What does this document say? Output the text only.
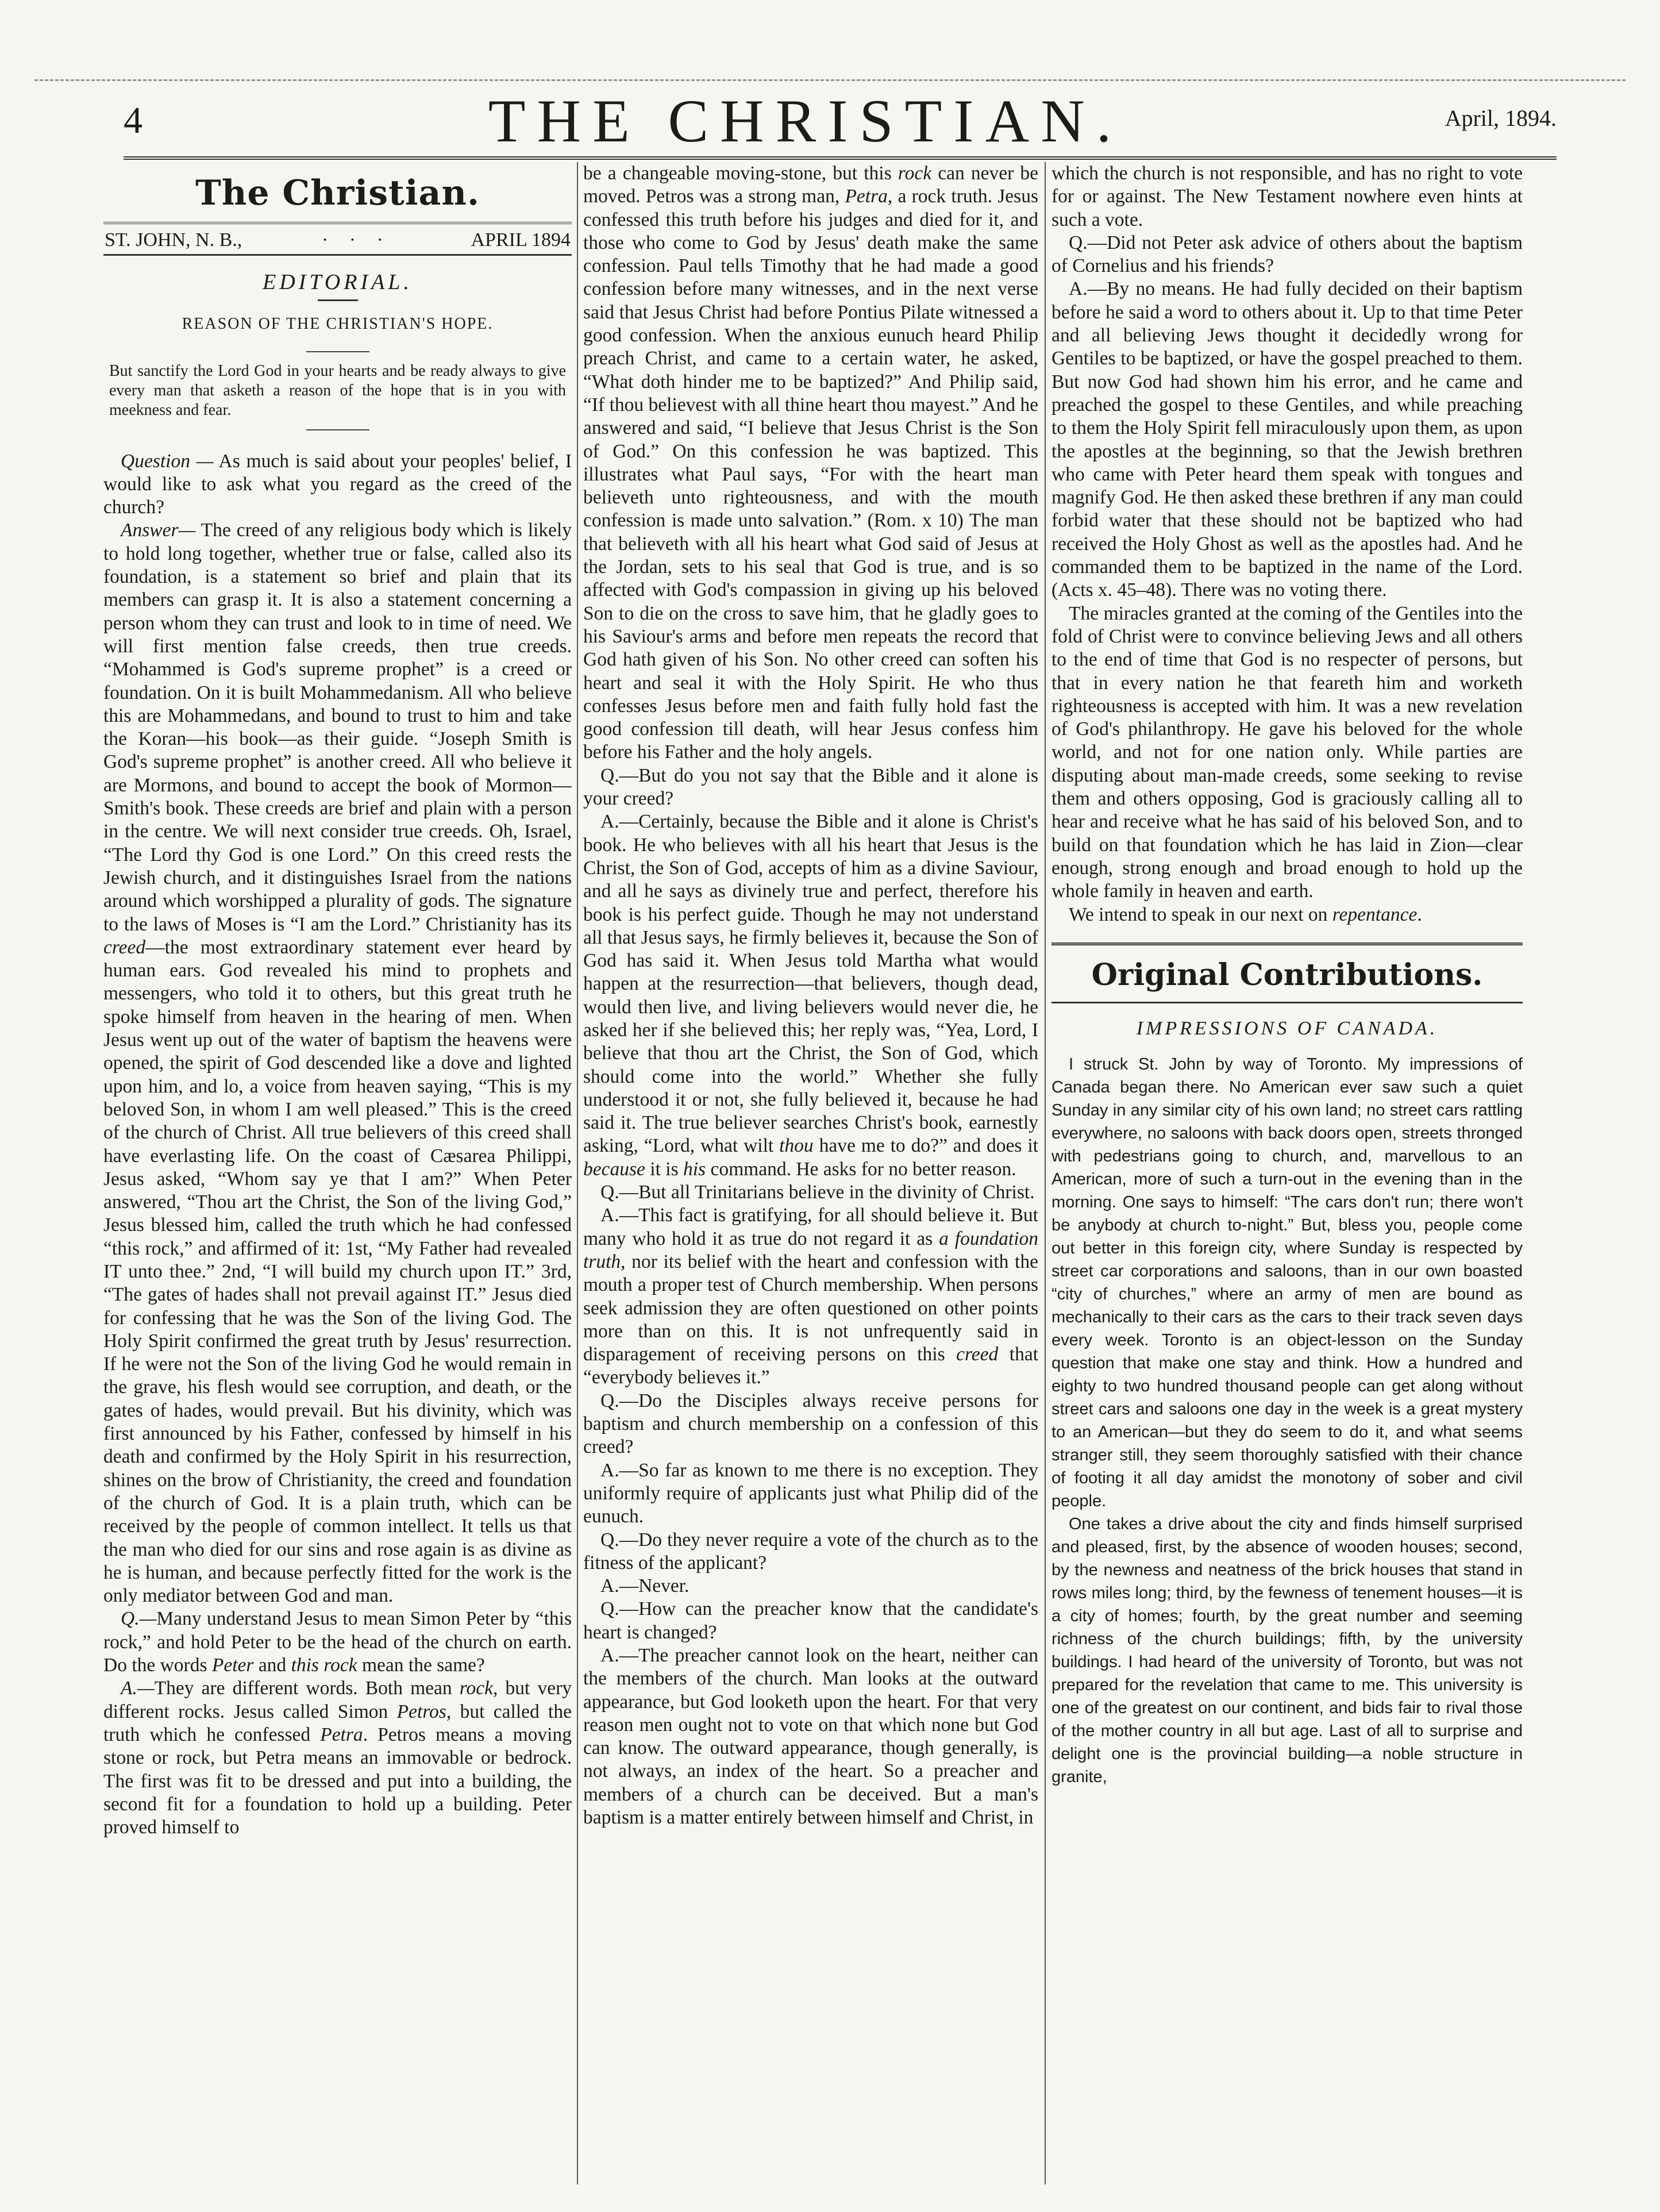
4	THE CHRISTIAN.	April, 1894.
The Christian.
ST. JOHN, N. B.,	· · ·	APRIL 1894
EDITORIAL.
REASON OF THE CHRISTIAN'S HOPE.
But sanctify the Lord God in your hearts and be ready always to give every man that asketh a reason of the hope that is in you with meekness and fear.

Question — As much is said about your peoples' belief, I would like to ask what you regard as the creed of the church?

Answer— The creed of any religious body which is likely to hold long together, whether true or false, called also its foundation, is a statement so brief and plain that its members can grasp it. It is also a statement concerning a person whom they can trust and look to in time of need. We will first mention false creeds, then true creeds. “Mohammed is God's supreme prophet” is a creed or foundation. On it is built Mohammedanism. All who believe this are Mohammedans, and bound to trust to him and take the Koran—his book—as their guide. “Joseph Smith is God's supreme prophet” is another creed. All who believe it are Mormons, and bound to accept the book of Mormon—Smith's book. These creeds are brief and plain with a person in the centre. We will next consider true creeds. Oh, Israel, “The Lord thy God is one Lord.” On this creed rests the Jewish church, and it distinguishes Israel from the nations around which worshipped a plurality of gods. The signature to the laws of Moses is “I am the Lord.” Christianity has its creed—the most extraordinary statement ever heard by human ears. God revealed his mind to prophets and messengers, who told it to others, but this great truth he spoke himself from heaven in the hearing of men. When Jesus went up out of the water of baptism the heavens were opened, the spirit of God descended like a dove and lighted upon him, and lo, a voice from heaven saying, “This is my beloved Son, in whom I am well pleased.” This is the creed of the church of Christ. All true believers of this creed shall have everlasting life. On the coast of Cæsarea Philippi, Jesus asked, “Whom say ye that I am?” When Peter answered, “Thou art the Christ, the Son of the living God,” Jesus blessed him, called the truth which he had confessed “this rock,” and affirmed of it: 1st, “My Father had revealed IT unto thee.” 2nd, “I will build my church upon IT.” 3rd, “The gates of hades shall not prevail against IT.” Jesus died for confessing that he was the Son of the living God. The Holy Spirit confirmed the great truth by Jesus' resurrection. If he were not the Son of the living God he would remain in the grave, his flesh would see corruption, and death, or the gates of hades, would prevail. But his divinity, which was first announced by his Father, confessed by himself in his death and confirmed by the Holy Spirit in his resurrection, shines on the brow of Christianity, the creed and foundation of the church of God. It is a plain truth, which can be received by the people of common intellect. It tells us that the man who died for our sins and rose again is as divine as he is human, and because perfectly fitted for the work is the only mediator between God and man.

Q.—Many understand Jesus to mean Simon Peter by “this rock,” and hold Peter to be the head of the church on earth. Do the words Peter and this rock mean the same?

A.—They are different words. Both mean rock, but very different rocks. Jesus called Simon Petros, but called the truth which he confessed Petra. Petros means a moving stone or rock, but Petra means an immovable or bedrock. The first was fit to be dressed and put into a building, the second fit for a foundation to hold up a building. Peter proved himself to

be a changeable moving-stone, but this rock can never be moved. Petros was a strong man, Petra, a rock truth. Jesus confessed this truth before his judges and died for it, and those who come to God by Jesus' death make the same confession. Paul tells Timothy that he had made a good confession before many witnesses, and in the next verse said that Jesus Christ had before Pontius Pilate witnessed a good confession. When the anxious eunuch heard Philip preach Christ, and came to a certain water, he asked, “What doth hinder me to be baptized?” And Philip said, “If thou believest with all thine heart thou mayest.” And he answered and said, “I believe that Jesus Christ is the Son of God.” On this confession he was baptized. This illustrates what Paul says, “For with the heart man believeth unto righteousness, and with the mouth confession is made unto salvation.” (Rom. x 10) The man that believeth with all his heart what God said of Jesus at the Jordan, sets to his seal that God is true, and is so affected with God's compassion in giving up his beloved Son to die on the cross to save him, that he gladly goes to his Saviour's arms and before men repeats the record that God hath given of his Son. No other creed can soften his heart and seal it with the Holy Spirit. He who thus confesses Jesus before men and faith fully hold fast the good confession till death, will hear Jesus confess him before his Father and the holy angels.

Q.—But do you not say that the Bible and it alone is your creed?

A.—Certainly, because the Bible and it alone is Christ's book. He who believes with all his heart that Jesus is the Christ, the Son of God, accepts of him as a divine Saviour, and all he says as divinely true and perfect, therefore his book is his perfect guide. Though he may not understand all that Jesus says, he firmly believes it, because the Son of God has said it. When Jesus told Martha what would happen at the resurrection—that believers, though dead, would then live, and living believers would never die, he asked her if she believed this; her reply was, “Yea, Lord, I believe that thou art the Christ, the Son of God, which should come into the world.” Whether she fully understood it or not, she fully believed it, because he had said it. The true believer searches Christ's book, earnestly asking, “Lord, what wilt thou have me to do?” and does it because it is his command. He asks for no better reason.

Q.—But all Trinitarians believe in the divinity of Christ.

A.—This fact is gratifying, for all should believe it. But many who hold it as true do not regard it as a foundation truth, nor its belief with the heart and confession with the mouth a proper test of Church membership. When persons seek admission they are often questioned on other points more than on this. It is not unfrequently said in disparagement of receiving persons on this creed that “everybody believes it.”

Q.—Do the Disciples always receive persons for baptism and church membership on a confession of this creed?

A.—So far as known to me there is no exception. They uniformly require of applicants just what Philip did of the eunuch.

Q.—Do they never require a vote of the church as to the fitness of the applicant?

A.—Never.

Q.—How can the preacher know that the candidate's heart is changed?

A.—The preacher cannot look on the heart, neither can the members of the church. Man looks at the outward appearance, but God looketh upon the heart. For that very reason men ought not to vote on that which none but God can know. The outward appearance, though generally, is not always, an index of the heart. So a preacher and members of a church can be deceived. But a man's baptism is a matter entirely between himself and Christ, in

which the church is not responsible, and has no right to vote for or against. The New Testament nowhere even hints at such a vote.

Q.—Did not Peter ask advice of others about the baptism of Cornelius and his friends?

A.—By no means. He had fully decided on their baptism before he said a word to others about it. Up to that time Peter and all believing Jews thought it decidedly wrong for Gentiles to be baptized, or have the gospel preached to them. But now God had shown him his error, and he came and preached the gospel to these Gentiles, and while preaching to them the Holy Spirit fell miraculously upon them, as upon the apostles at the beginning, so that the Jewish brethren who came with Peter heard them speak with tongues and magnify God. He then asked these brethren if any man could forbid water that these should not be baptized who had received the Holy Ghost as well as the apostles had. And he commanded them to be baptized in the name of the Lord. (Acts x. 45–48). There was no voting there.

The miracles granted at the coming of the Gentiles into the fold of Christ were to convince believing Jews and all others to the end of time that God is no respecter of persons, but that in every nation he that feareth him and worketh righteousness is accepted with him. It was a new revelation of God's philanthropy. He gave his beloved for the whole world, and not for one nation only. While parties are disputing about man-made creeds, some seeking to revise them and others opposing, God is graciously calling all to hear and receive what he has said of his beloved Son, and to build on that foundation which he has laid in Zion—clear enough, strong enough and broad enough to hold up the whole family in heaven and earth.

We intend to speak in our next on repentance.

Original Contributions.
IMPRESSIONS OF CANADA.

I struck St. John by way of Toronto. My impressions of Canada began there. No American ever saw such a quiet Sunday in any similar city of his own land; no street cars rattling everywhere, no saloons with back doors open, streets thronged with pedestrians going to church, and, marvellous to an American, more of such a turn-out in the evening than in the morning. One says to himself: “The cars don't run; there won't be anybody at church to-night.” But, bless you, people come out better in this foreign city, where Sunday is respected by street car corporations and saloons, than in our own boasted “city of churches,” where an army of men are bound as mechanically to their cars as the cars to their track seven days every week. Toronto is an object-lesson on the Sunday question that make one stay and think. How a hundred and eighty to two hundred thousand people can get along without street cars and saloons one day in the week is a great mystery to an American—but they do seem to do it, and what seems stranger still, they seem thoroughly satisfied with their chance of footing it all day amidst the monotony of sober and civil people.

One takes a drive about the city and finds himself surprised and pleased, first, by the absence of wooden houses; second, by the newness and neatness of the brick houses that stand in rows miles long; third, by the fewness of tenement houses—it is a city of homes; fourth, by the great number and seeming richness of the church buildings; fifth, by the university buildings. I had heard of the university of Toronto, but was not prepared for the revelation that came to me. This university is one of the greatest on our continent, and bids fair to rival those of the mother country in all but age. Last of all to surprise and delight one is the provincial building—a noble structure in granite,
